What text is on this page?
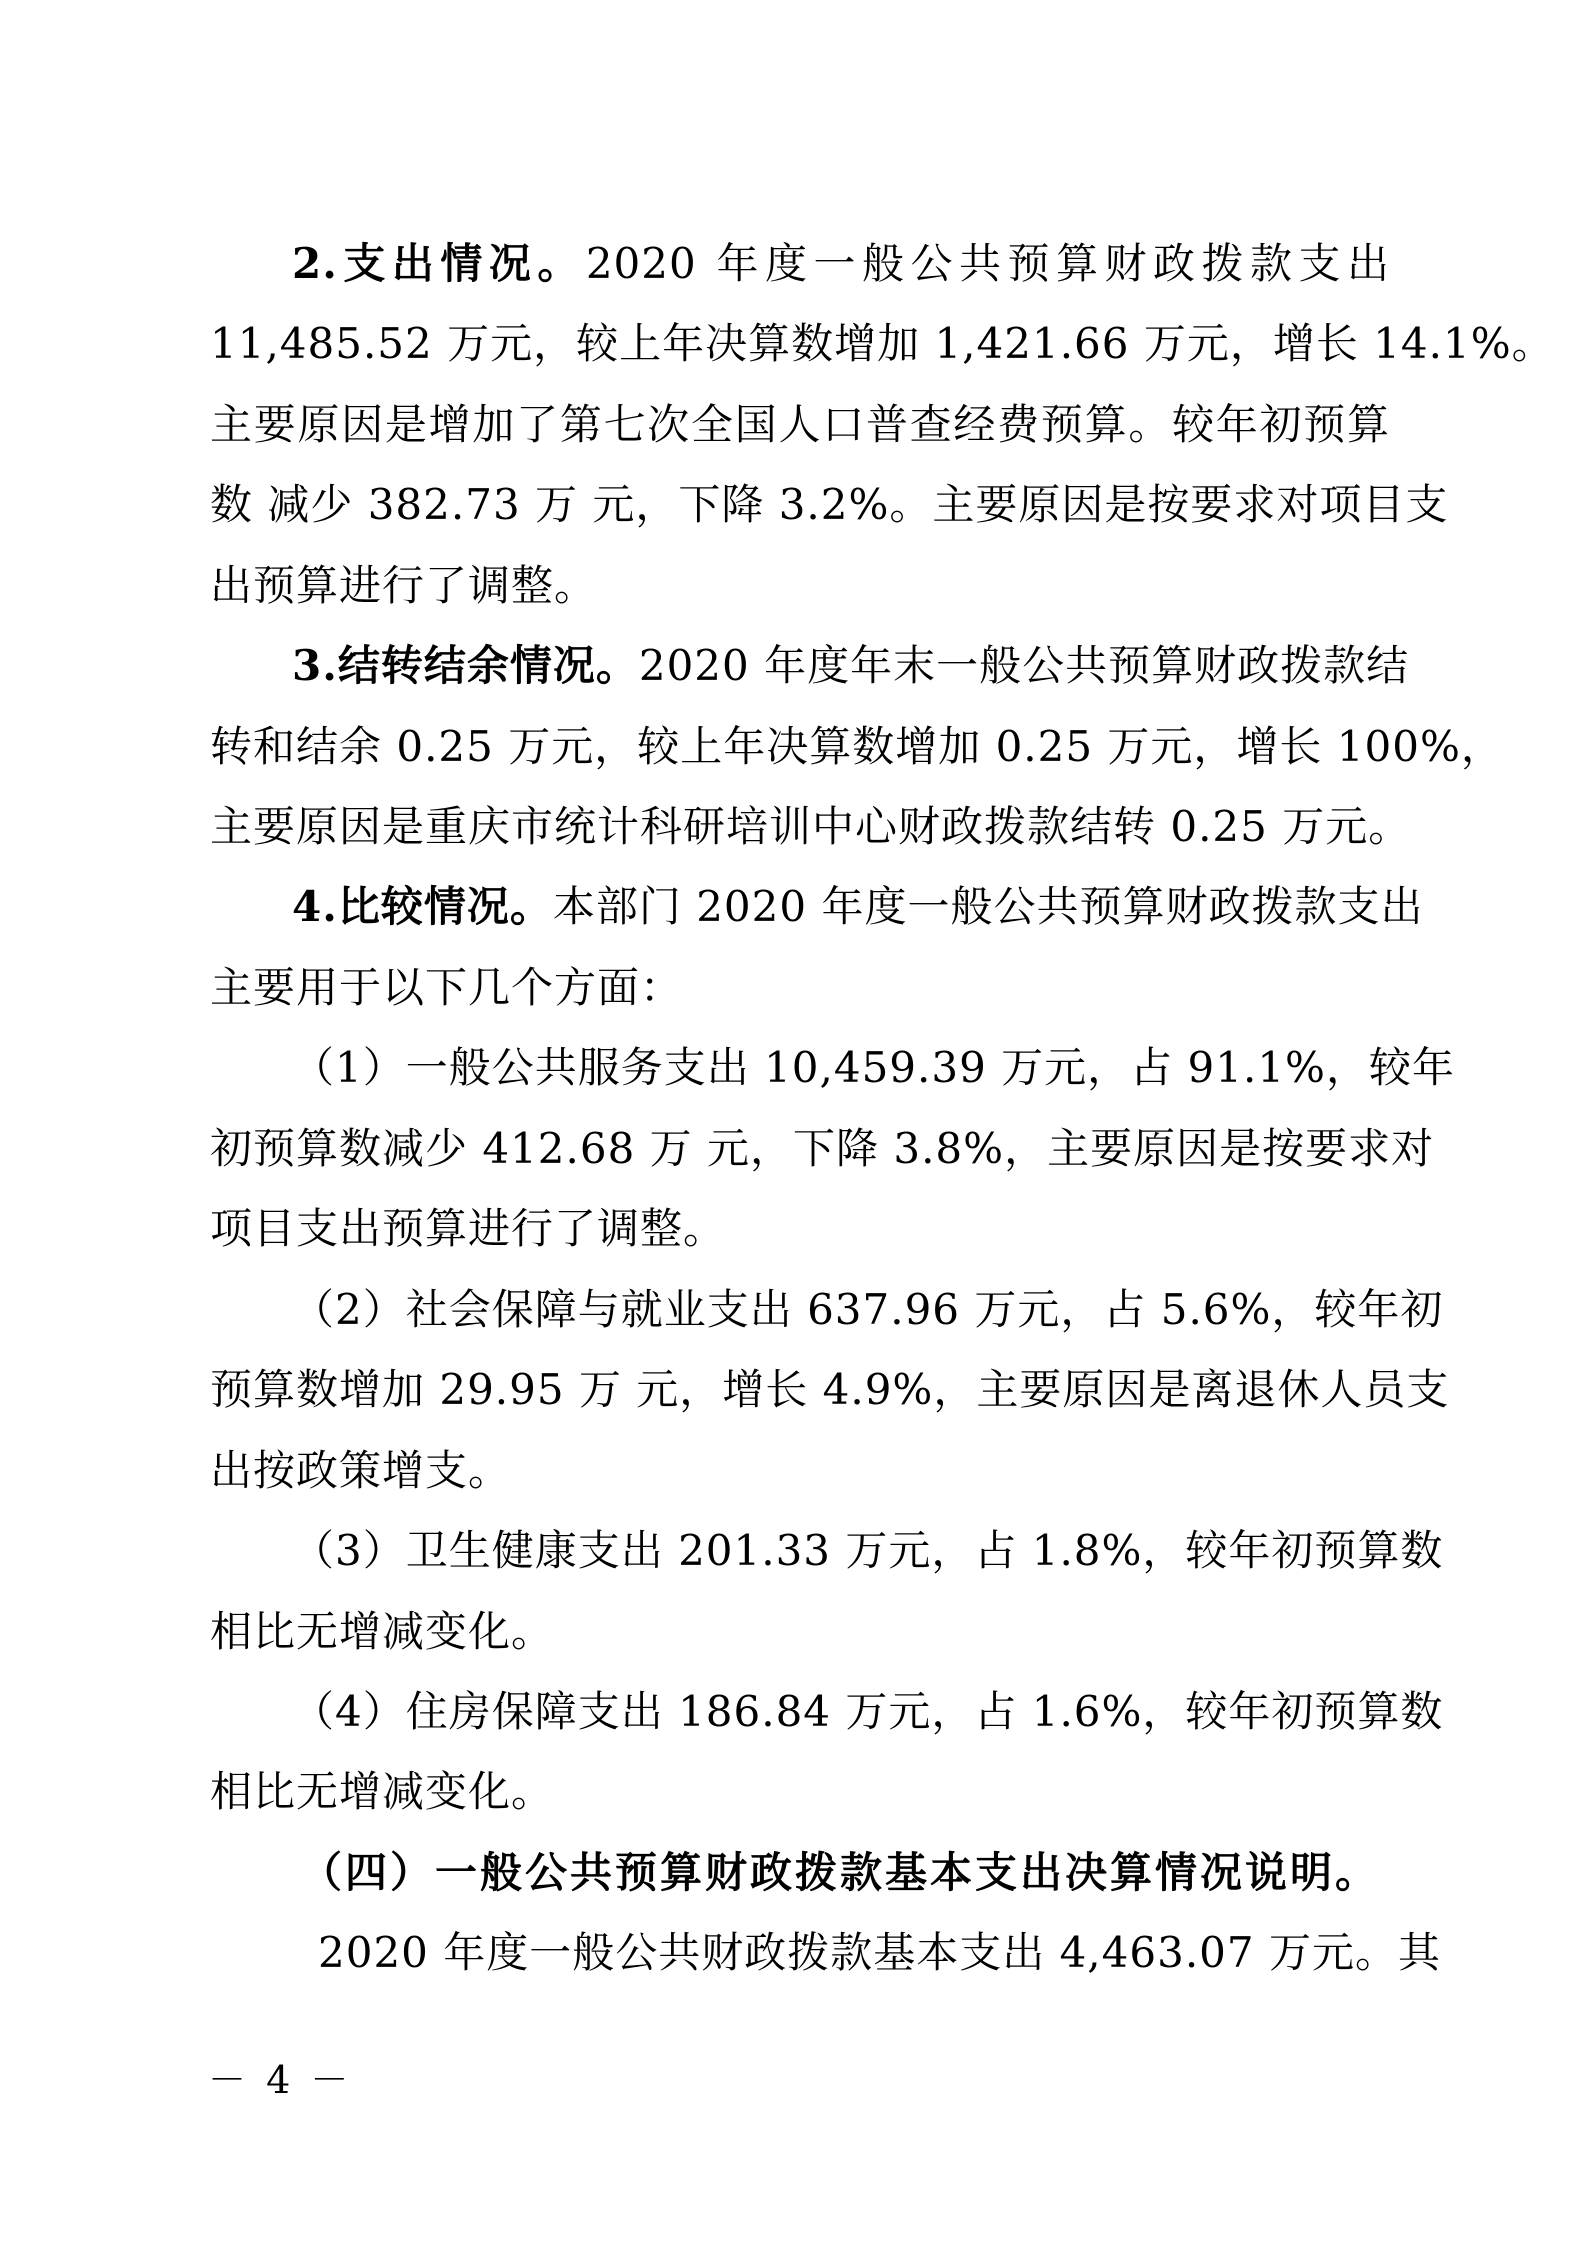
2.支出情况。2020 年度一般公共预算财政拨款支出
11,485.52 万元，较上年决算数增加 1,421.66 万元，增长 14.1%。
主要原因是增加了第七次全国人口普查经费预算。较年初预算
数 减少 382.73 万 元，下降 3.2%。主要原因是按要求对项目支
出预算进行了调整。
3.结转结余情况。2020 年度年末一般公共预算财政拨款结
转和结余 0.25 万元，较上年决算数增加 0.25 万元，增长 100%，
主要原因是重庆市统计科研培训中心财政拨款结转 0.25 万元。
4.比较情况。本部门 2020 年度一般公共预算财政拨款支出
主要用于以下几个方面：
（1）一般公共服务支出 10,459.39 万元，占 91.1%，较年
初预算数减少 412.68 万 元，下降 3.8%，主要原因是按要求对
项目支出预算进行了调整。
（2）社会保障与就业支出 637.96 万元，占 5.6%，较年初
预算数增加 29.95 万 元，增长 4.9%，主要原因是离退休人员支
出按政策增支。
（3）卫生健康支出 201.33 万元，占 1.8%，较年初预算数
相比无增减变化。
（4）住房保障支出 186.84 万元，占 1.6%，较年初预算数
相比无增减变化。
（四）一般公共预算财政拨款基本支出决算情况说明。
2020 年度一般公共财政拨款基本支出 4,463.07 万元。其
－ 4 －
